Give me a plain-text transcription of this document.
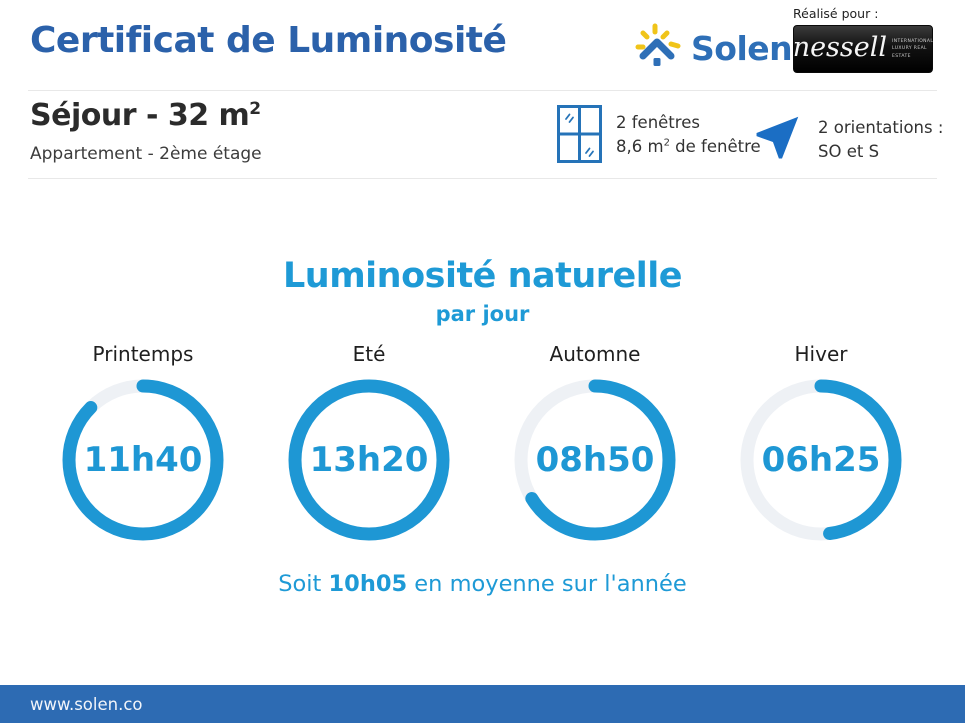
Certificat de Luminosité	Solen
Réalisé pour :
nessell INTERNATIONAL
LUXURY REAL ESTATE
Séjour - 32 $m^2$
Appartement - 2ème étage
2 fenêtres
8,6 $m^2$ de fenêtre
2 orientations :
SO et S
Luminosité naturelle
par jour
Printemps
11h40
Eté
13h20
Automne
08h50
Hiver
06h25
Soit 10h05 en moyenne sur l'année
www.solen.co
